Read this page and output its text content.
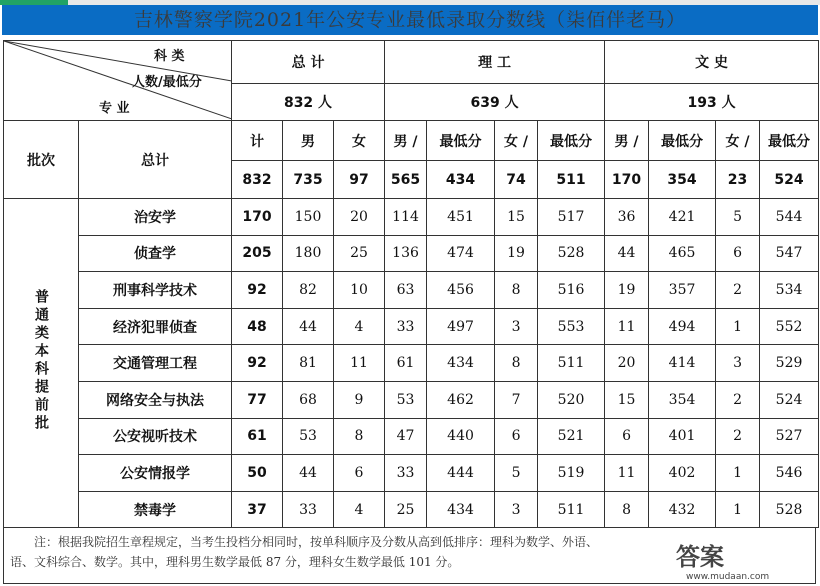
吉林警察学院2021年公安专业最低录取分数线（柒佰伴老马）
科 类
人数/最低分
专 业		总 计			理 工				文 史			
		832 人			639 人				193 人			
批次	总计	计	男	女	男 /	最低分	女 /	最低分	男 /	最低分	女 /	最低分
		832	735	97	565	434	74	511	170	354	23	524
普通类本科提前批	治安学	170	150	20	114	451	15	517	36	421	5	544
	侦查学	205	180	25	136	474	19	528	44	465	6	547
	刑事科学技术	92	82	10	63	456	8	516	19	357	2	534
	经济犯罪侦查	48	44	4	33	497	3	553	11	494	1	552
	交通管理工程	92	81	11	61	434	8	511	20	414	3	529
	网络安全与执法	77	68	9	53	462	7	520	15	354	2	524
	公安视听技术	61	53	8	47	440	6	521	6	401	2	527
	公安情报学	50	44	6	33	444	5	519	11	402	1	546
	禁毒学	37	33	4	25	434	3	511	8	432	1	528

注：根据我院招生章程规定，当考生投档分相同时，按单科顺序及分数从高到低排序：理科为数学、外语、

语、文科综合、数学。其中，理科男生数学最低 87 分，理科女生数学最低 101 分。	答案
www.mudaan.com
